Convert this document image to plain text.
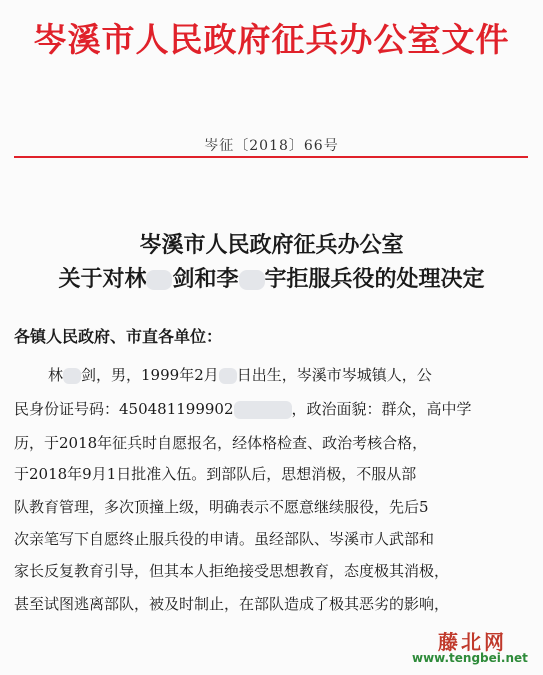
岑溪市人民政府征兵办公室文件
岑征〔2018〕66号
岑溪市人民政府征兵办公室
关于对林 剑和李 宇拒服兵役的处理决定
各镇人民政府、市直各单位：
林 剑，男，1999年2月 日出生，岑溪市岑城镇人，公
民身份证号码：450481199902	，政治面貌：群众，高中学
历，于2018年征兵时自愿报名，经体格检查、政治考核合格，
于2018年9月1日批准入伍。到部队后，思想消极，不服从部
队教育管理，多次顶撞上级，明确表示不愿意继续服役，先后5
次亲笔写下自愿终止服兵役的申请。虽经部队、岑溪市人武部和
家长反复教育引导，但其本人拒绝接受思想教育，态度极其消极，
甚至试图逃离部队，被及时制止，在部队造成了极其恶劣的影响，
藤北网
www.tengbei.net
